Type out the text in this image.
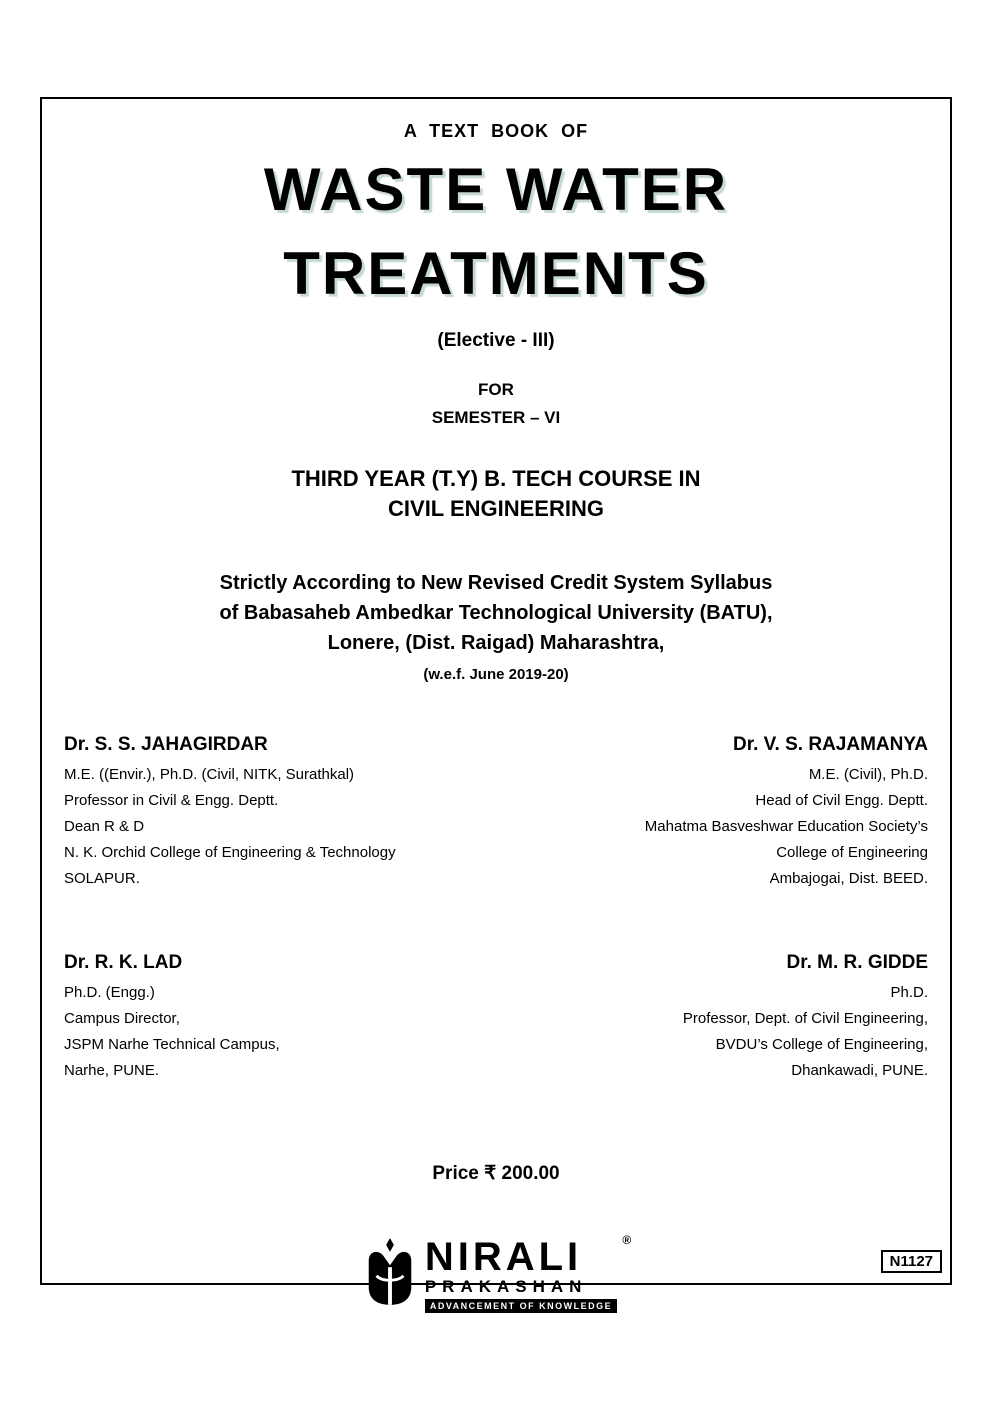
A TEXT BOOK OF
WASTE WATER
TREATMENTS
(Elective - III)
FOR
SEMESTER – VI
THIRD YEAR (T.Y) B. TECH COURSE IN
CIVIL ENGINEERING
Strictly According to New Revised Credit System Syllabus
of Babasaheb Ambedkar Technological University (BATU),
Lonere, (Dist. Raigad) Maharashtra,
(w.e.f. June 2019-20)
Dr. S. S. JAHAGIRDAR
M.E. ((Envir.), Ph.D. (Civil, NITK, Surathkal)
Professor in Civil & Engg. Deptt.
Dean R & D
N. K. Orchid College of Engineering & Technology
SOLAPUR.
Dr. V. S. RAJAMANYA
M.E. (Civil), Ph.D.
Head of Civil Engg. Deptt.
Mahatma Basveshwar Education Society’s
College of Engineering
Ambajogai, Dist. BEED.
Dr. R. K. LAD
Ph.D. (Engg.)
Campus Director,
JSPM Narhe Technical Campus,
Narhe, PUNE.
Dr. M. R. GIDDE
Ph.D.
Professor, Dept. of Civil Engineering,
BVDU’s College of Engineering,
Dhankawadi, PUNE.
Price ₹ 200.00
®
NIRALI
PRAKASHAN
ADVANCEMENT OF KNOWLEDGE
N1127
